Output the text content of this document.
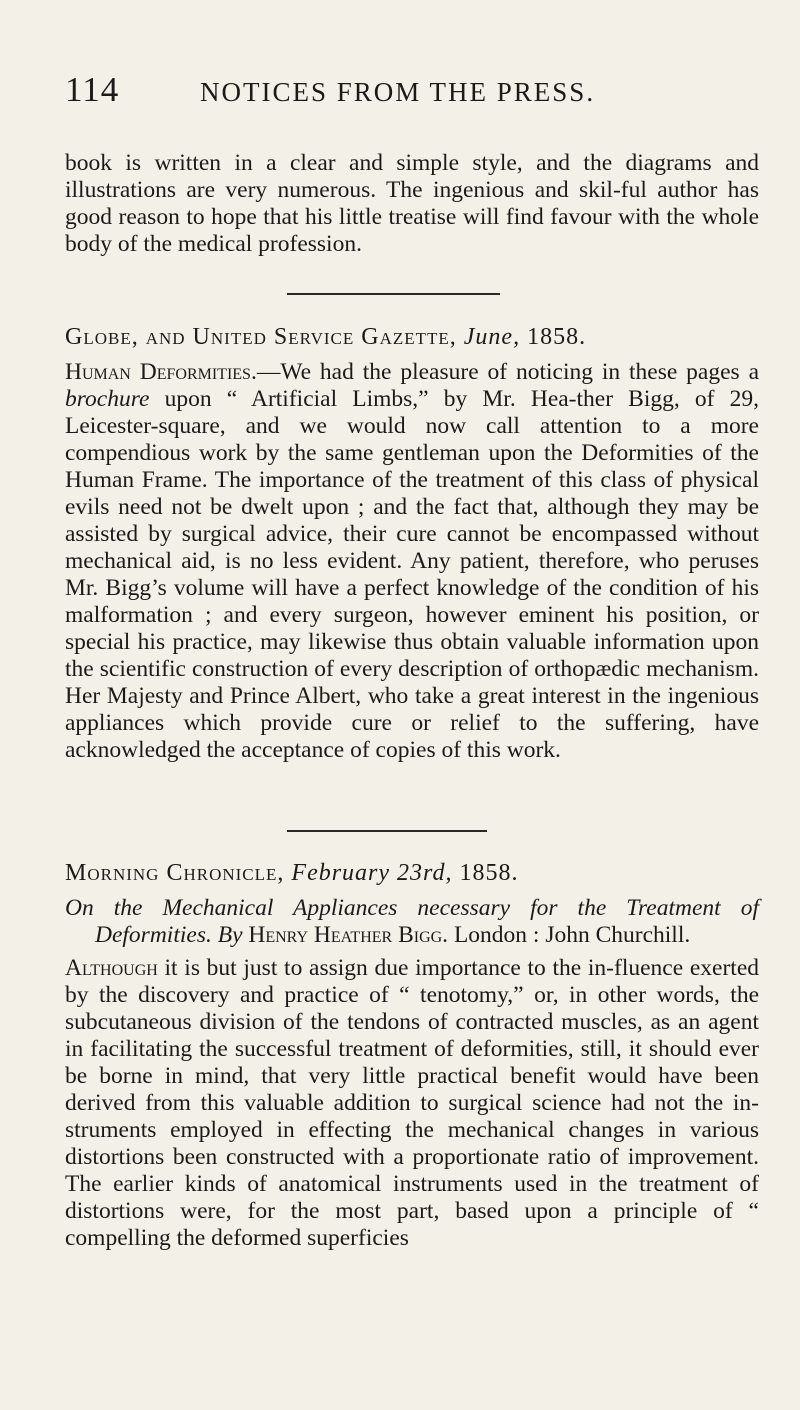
114	NOTICES FROM THE PRESS.

book is written in a clear and simple style, and the diagrams and illustrations are very numerous. The ingenious and skil-ful author has good reason to hope that his little treatise will find favour with the whole body of the medical profession.

Globe, and United Service Gazette, June, 1858.

Human Deformities.—We had the pleasure of noticing in these pages a brochure upon “ Artificial Limbs,” by Mr. Hea-ther Bigg, of 29, Leicester-square, and we would now call attention to a more compendious work by the same gentleman upon the Deformities of the Human Frame. The importance of the treatment of this class of physical evils need not be dwelt upon ; and the fact that, although they may be assisted by surgical advice, their cure cannot be encompassed without mechanical aid, is no less evident. Any patient, therefore, who peruses Mr. Bigg’s volume will have a perfect knowledge of the condition of his malformation ; and every surgeon, however eminent his position, or special his practice, may likewise thus obtain valuable information upon the scientific construction of every description of orthopædic mechanism. Her Majesty and Prince Albert, who take a great interest in the ingenious appliances which provide cure or relief to the suffering, have acknowledged the acceptance of copies of this work.

Morning Chronicle, February 23rd, 1858.

On the Mechanical Appliances necessary for the Treatment of Deformities. By Henry Heather Bigg. London : John Churchill.

Although it is but just to assign due importance to the in-fluence exerted by the discovery and practice of “ tenotomy,” or, in other words, the subcutaneous division of the tendons of contracted muscles, as an agent in facilitating the successful treatment of deformities, still, it should ever be borne in mind, that very little practical benefit would have been derived from this valuable addition to surgical science had not the in-struments employed in effecting the mechanical changes in various distortions been constructed with a proportionate ratio of improvement. The earlier kinds of anatomical instruments used in the treatment of distortions were, for the most part, based upon a principle of “ compelling the deformed superficies
